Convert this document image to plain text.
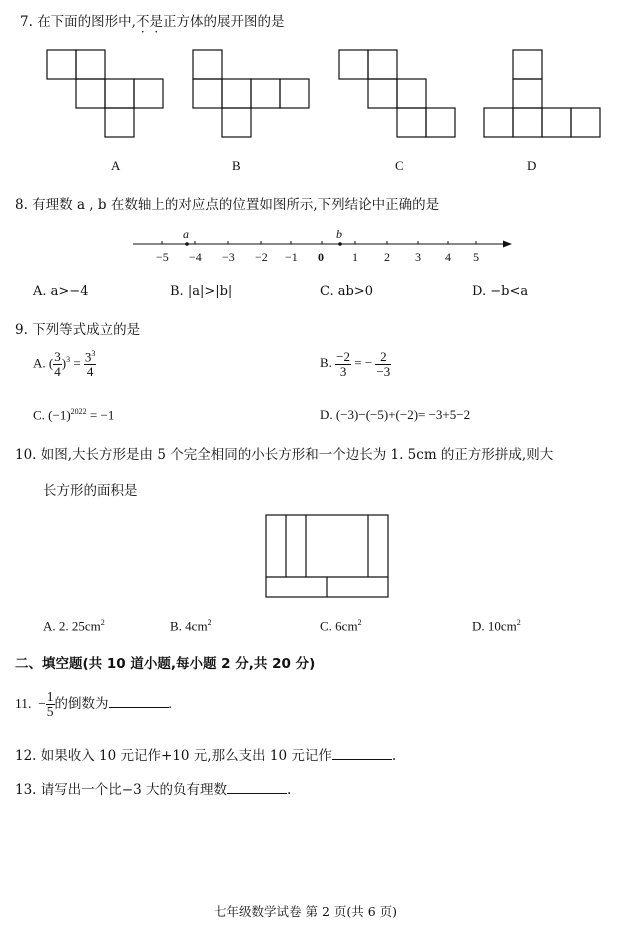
7. 在下面的图形中,不是正方体的展开图的是
A	B	C	D
8. 有理数 a , b 在数轴上的对应点的位置如图所示,下列结论中正确的是
a	b
−5 −4 −3 −2 −1 0 1 2 3 4 5
A. a>−4	B. |a|>|b|	C. ab>0	D. −b<a
9. 下列等式成立的是
A. ( $\frac{3}{4} )^3 = \frac{3^3}{4}$	B. $\frac{-2}{3}$ = − $\frac{2}{-3}$
C. $(-1)^{2022} = -1$	D. (−3)−(−5)+(−2)= −3+5−2
10. 如图,大长方形是由 5 个完全相同的小长方形和一个边长为 1. 5cm 的正方形拼成,则大
长方形的面积是
A. 2. $25cm^2$	B. $4cm^2$	C. $6cm^2$	D. $10cm^2$
二、填空题(共 10 道小题,每小题 2 分,共 20 分)
11. − $\frac{1}{5}$ 的倒数为	.
12. 如果收入 10 元记作+10 元,那么支出 10 元记作	.
13. 请写出一个比−3 大的负有理数	.
七年级数学试卷 第 2 页(共 6 页)
